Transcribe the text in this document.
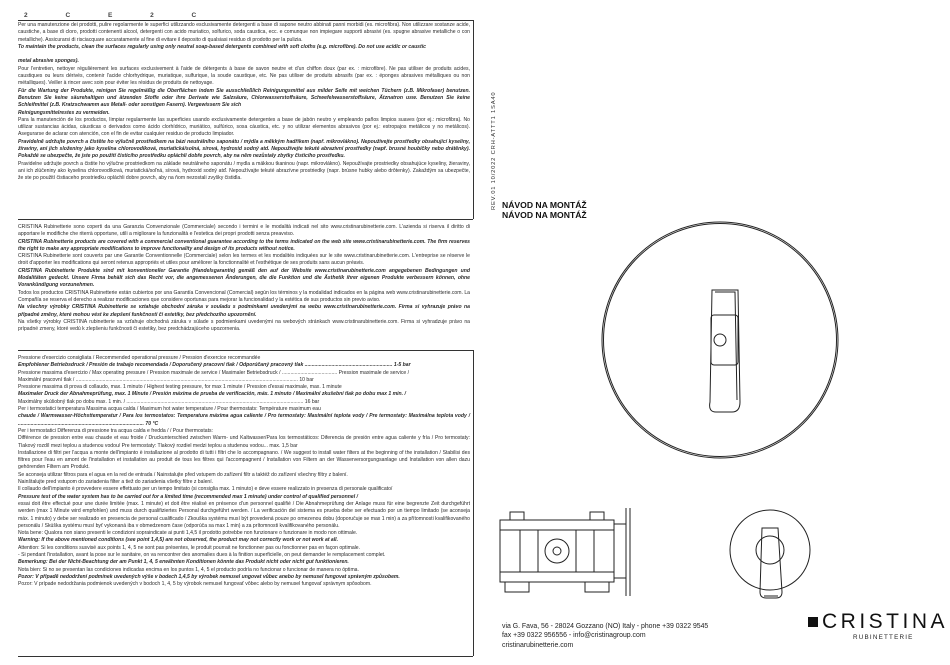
2	C	E	2	C

Per una manutenzione dei prodotti, pulire regolarmente le superfici utilizzando esclusivamente detergenti a base di sapone neutro abbinati panni morbidi (es. microfibra). Non utilizzare sostanze acide, caustiche, a base di cloro, prodotti contenenti alcool, detergenti con acido muriatico, solfurico, soda caustica, ecc. e comunque non impiegare supporti abrasivi (es. spugne abrasive metalliche o con metalliche). Assicurarsi di risciacquare accuratamente al fine di evitare il deposito di qualsiasi residuo di prodotto per la pulizia.

To maintain the products, clean the surfaces regularly using only neutral soap-based detergents combined with soft cloths (e.g. microfibre). Do not use acidic or caustic

metal abrasive sponges).

Pour l'entretien, nettoyer régulièrement les surfaces exclusivement à l'aide de détergents à base de savon neutre et d'un chiffon doux (par ex. : microfibre). Ne pas utiliser de produits acides, caustiques ou leurs dérivés, contenir l'acide chlorhydrique, muriatique, sulfurique, la soude caustique, etc. Ne pas utiliser de produits abrasifs (par ex. : éponges abrasives métalliques ou non métalliques). Veiller à rincer avec soin pour éviter les résidus de produits de nettoyage.

Für die Wartung der Produkte, reinigen Sie regelmäßig die Oberflächen indem Sie ausschließlich Reinigungsmittel aus milder Seife mit weichen Tüchern (z.B. Mikrofaser) benutzen. Benutzen Sie keine säurehaltigen und ätzenden Stoffe oder ihre Derivate wie Salzsäure, Chlorwasserstoffsäure, Schwefelwasserstoffsäure, Ätznatron usw. Benutzen Sie keine Schleifmittel (z.B. Kratzschwamm aus Metall- oder sonstigen Fasern). Vergewissern Sie sich

Reinigungsmittelrestes zu vermeiden.

Para la manutención de los productos, limpiar regularmente las superficies usando exclusivamente detergentes a base de jabón neutro y empleando paños limpios suaves (por ej.: microfibra). No utilizar sustancias ácidas, cáusticas o derivados como ácido clorhídrico, muriático, sulfúrico, sosa cáustica, etc. y no utilizar elementos abrasivos (por ej.: estropajos metálicos y no metálicos). Asegurarse de aclarar con atención, con el fin de evitar cualquier residuo de producto limpiador.

Pravidelně udržujte povrch a čistěte ho výlučně prostředkem na bázi neutrálního saponátu / mýdla a měkkým hadříkem (např. mikrovlákno). Nepoužívejte prostředky obsahující kyseliny, žíraviny, ani jich složeniny jako kyselina chlorovodíková, muriatická/solná, sírová, hydroxid sodný atd. Nepoužívejte tekuté abrazivní prostředky (např. brusné houbičky nebo drátěnky). Pokaždé se ubezpečte, že jste po použití čisticího prostředku opláchli dobře povrch, aby na něm nezůstaly zbytky čisticího prostředku.

Pravidelne udržujte povrch a čistite ho výlučne prostriedkom na základe neutrálneho saponátu / mydla a mäkkou tkaninou (napr. mikrovlákno). Nepoužívajte prostriedky obsahujúce kyseliny, žieraviny, ani ich zlúčeniny ako kyselina chlorovodíková, muriatická/soľná, sírová, hydroxid sodný atď. Nepoužívajte tekuté abrazívne prostriedky (napr. brúsne hubky alebo drôtenky). Zakaždým sa ubezpečte, že ste po použití čistiaceho prostriedku opláchli dobre povrch, aby na ňom nezostali zvyšky čistidla.

CRISTINA Rubinetterie sono coperti da una Garanzia Convenzionale (Commerciale) secondo i termini e le modalità indicati nel sito www.cristinarubinetterie.com. L'azienda si riserva il diritto di apportare le modifiche che riterrà opportune, utili a migliorare la funzionalità e l'estetica dei propri prodotti senza preavviso.

CRISTINA Rubinetterie products are covered with a commercial conventional guarantee according to the terms indicated on the web site www.cristinarubinetterie.com. The firm reserves the right to make any appropriate modifications to improve functionality and design of its products without notice.

CRISTINA Rubinetterie sont couverts par une Garantie Conventionnelle (Commerciale) selon les termes et les modalités indiquées sur le site www.cristinarubinetterie.com. L'entreprise se réserve le droit d'apporter les modifications qui seront retenus appropriés et utiles pour améliorer la fonctionnalité et l'esthétique de ses produits sans aucun préavis.

CRISTINA Rubinetterie Produkte sind mit konventioneller Garantie (Handelsgarantie) gemäß den auf der Website www.cristinarubinetterie.com angegebenen Bedingungen und Modalitäten gedeckt. Unsere Firma behält sich das Recht vor, die angemessenen Änderungen, die die Funktion und die Ästhetik ihrer eigenen Produkte verbessern können, ohne Vorankündigung vorzunehmen.

Todos los productos CRISTINA Rubinetterie están cubiertos por una Garantía Convencional (Comercial) según los términos y la modalidad indicados en la página web www.cristinarubinetterie.com. La Compañía se reserva el derecho a realizar modificaciones que considere oportunas para mejorar la funcionalidad y la estética de sus productos sin previo aviso.

Na všechny výrobky CRISTINA Rubinetterie se vztahuje obchodní záruka v souladu s podmínkami uvedenými na webu www.cristinarubinetterie.com. Firma si vyhrazuje právo na případné změny, které mohou vést ke zlepšení funkčnosti či estetiky, bez předchozího upozornění.

Na všetky výrobky CRISTINA rubinetterie sa vzťahuje obchodná záruka v súlade s podmienkami uvedenými na webových stránkach www.cristinarubinetterie.com. Firma si vyhradzuje právo na prípadné zmeny, ktoré vedú k zlepšeniu funkčnosti či estetiky, bez predchádzajúceho upozornenia.

Pressione d'esercizio consigliata / Recommended operational pressure / Pression d'exercice recommandée

Empfohlener Betriebsdruck / Presión de trabajo recomendada / Doporučený pracovní tlak / Odporúčaný pracovný tlak .............................................................. 1-5 bar

Pressione massima d'esercizio / Max operating pressure / Pression maximale de service / Maximaler Betriebsdruck / ....................................... Pression maximale de service /

Maximální pracovní tlak / ............................................................................................................................................................. 10 bar

Pressione massima di prova di collaudo, max. 1 minuto / Highest testing pressure, for max 1 minute / Pression d'essai maximale, max. 1 minute

Maximaler Druck der Abnahmeprüfung, max. 1 Minute / Presión máxima de prueba de verificación, máx. 1 minuto / Maximální zkušební tlak po dobu max 1 min. /

Maximálny skúšobný tlak po dobu max. 1 min. / ............................................................................................................................. 16 bar

Per i termostatici temperatura Massima acqua calda / Maximum hot water temperature / Pour thermostats: Température maximum eau

chaude / Warmwasser-Höchsttemperatur / Para los termostatos: Temperatura máxima agua caliente / Pro termostaty: Maximální teplota vody / Pre termostaty: Maximálna teplota vody / ......................................................................................... 70 °C

Per i termostatici Differenza di pressione tra acqua calda e fredda / / Pour thermostats:

Différence de pression entre eau chaude et eau froide / Druckunterschied zwischen Warm- und Kaltwasser/Para los termostáticos: Diferencia de presión entre agua caliente y fría / Pro termostaty: Tlakový rozdíl mezi teplou a studenou vodou/ Pre termostaty: Tlakový rozdiel medzi teplou a studenou vodou... max. 1,5 bar

Installazione di filtri per l'acqua a monte dell'impianto è installazione al prodotto di tutti i filtri che lo accompagnano. / We suggest to install water filters at the beginning of the installation / Stabilisi des filtres pour l'eau en amont de l'installation et installation au produit de tous les filtres qui l'accompagnent / Installation von Filtern an der Wasserversorgungsanlage und Installation von allen dazu gehörenden Filtern am Produkt.

Se aconseja utilizar filtros para el agua en la red de entrada / Nainstalujte před vstupem do zařízení filtr a taktéž do zařízení všechny filtry z balení.

Nainštalujte pred vstupom do zariadenia filter a tiež do zariadenia všetky filtre z balení.

Il collaudo dell'impianto è provvedere essere effettuato per un tempo limitato (si consiglia max. 1 minuto) e deve essere realizzato in presenza di personale qualificato/

Pressure test of the water system has to be carried out for a limited time (recommended max 1 minute) under control of qualified personnel /

essai doit être effectué pour une durée limitée (max. 1 minute) et doit être réalisé en présence d'un personnel qualifié / Die Abnahmeprüfung der Anlage muss für eine begrenzte Zeit durchgeführt werden (max 1 Minute wird empfohlen) und muss durch qualifiziertes Personal durchgeführt werden. / La verificación del sistema es prueba debe ser efectuado por un tiempo limitado (se aconseja máx. 1 minuto) y debe ser realizado en presencia de personal cualificado / Zkouška systému musí být provedená pouze po omezenou dobu (doporučuje se max 1 min) a za přítomnosti kvalifikovaného personálu / Skúška systému musí byť vykonaná iba v obmedzenom čase (odporúča sa max 1 min) a za prítomnosti kvalifikovaného personálu.

Nota bene: Qualora non siano presenti le condizioni sopraindicate ai punti 1,4,5 il prodotto potrebbe non funzionare o funzionare in modo non ottimale.

Warning: If the above mentioned conditions (see point 1,4,5) are not observed, the product may not correctly work or not work at all.

Attention: Si les conditions susvisé aux points 1, 4, 5 ne sont pas présentes, le produit pourrait ne fonctionner pas ou fonctionner pas en façon optimale.

- Si pendant l'installation, avant la pose sur le sanitaire, on va rencontrer des anomalies dues à la finition superficielle, on peut demander le remplacement complet.

Bemerkung: Bei der Nicht-Beachtung der am Punkt 1, 4, 5 erwähnten Konditionen könnte das Produkt nicht oder nicht gut funktionieren.

Nota bien: Si no se presentan las condiciones indicadas encima en los puntos 1, 4, 5 el producto podría no funcionar o funcionar de manera no óptima.

Pozor: V případě nedodržení podmínek uvedených výše v bodech 1,4,5 by výrobek nemusel ungovat vůbec anebo by nemusel fungovat správným způsobem.

Pozor: V prípade nedodržania podmienok uvedených v bodoch 1, 4, 5 by výrobok nemusel fungovať vôbec alebo by nemusel fungovať správnym spôsobom.

REV.01 10/2022 CRH-ATTT1 1SA40 NÁVOD NA MONTÁŽ
NÁVOD NA MONTÁŽ
CRISTINA
RUBINETTERIE
via G. Fava, 56 - 28024 Gozzano (NO) Italy - phone +39 0322 9545
fax +39 0322 956556 - info@cristinagroup.com
cristinarubinetterie.com
